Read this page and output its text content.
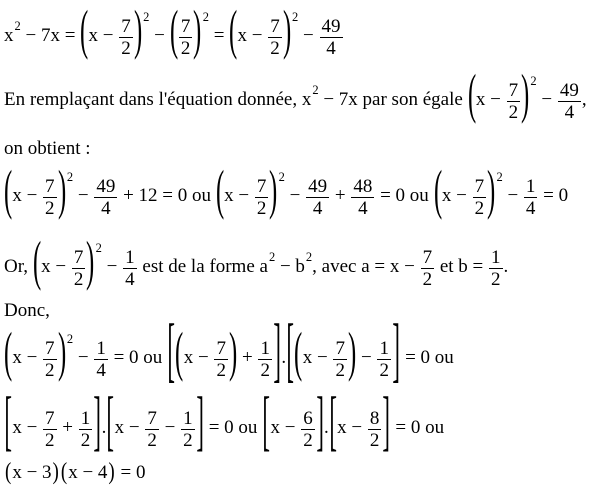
x 2 − 7x = ( $x - \frac{7}{2}$ ) 2
− ( $\frac{7}{2}$ ) 2
= ( $x - \frac{7}{2}$ ) 2
− $\frac{49}{4}$
En remplaçant dans l'équation donnée, x 2 − 7x par son égale ( $x - \frac{7}{2}$ ) 2
− $\frac{49}{4}$ ,
on obtient :
( $x - \frac{7}{2}$ ) 2
− $\frac{49}{4} + 12 = 0$ ou ( $x - \frac{7}{2}$ ) 2
− $\frac{49}{4} + \frac{48}{4} = 0$ ou ( $x - \frac{7}{2}$ ) 2
− $\frac{1}{4} = 0$
Or, ( $x - \frac{7}{2}$ ) 2
− $\frac{1}{4}$ est de la forme a 2 − b 2 , avec $a = x - \frac{7}{2}$ et $b = \frac{1}{2}$ .
Donc,
( $x - \frac{7}{2}$ ) 2
− $\frac{1}{4} = 0$ ou [ ( $x - \frac{7}{2}$ ) + $\frac{1}{2}$ ] . [ ( $x - \frac{7}{2}$ ) − $\frac{1}{2}$ ] = 0 ou
[ $x - \frac{7}{2} + \frac{1}{2}$ ] . [ $x - \frac{7}{2} - \frac{1}{2}$ ] = 0 ou [ $x - \frac{6}{2}$ ] . [ $x - \frac{8}{2}$ ] = 0 ou
( x − 3 ) ( x − 4 ) = 0
